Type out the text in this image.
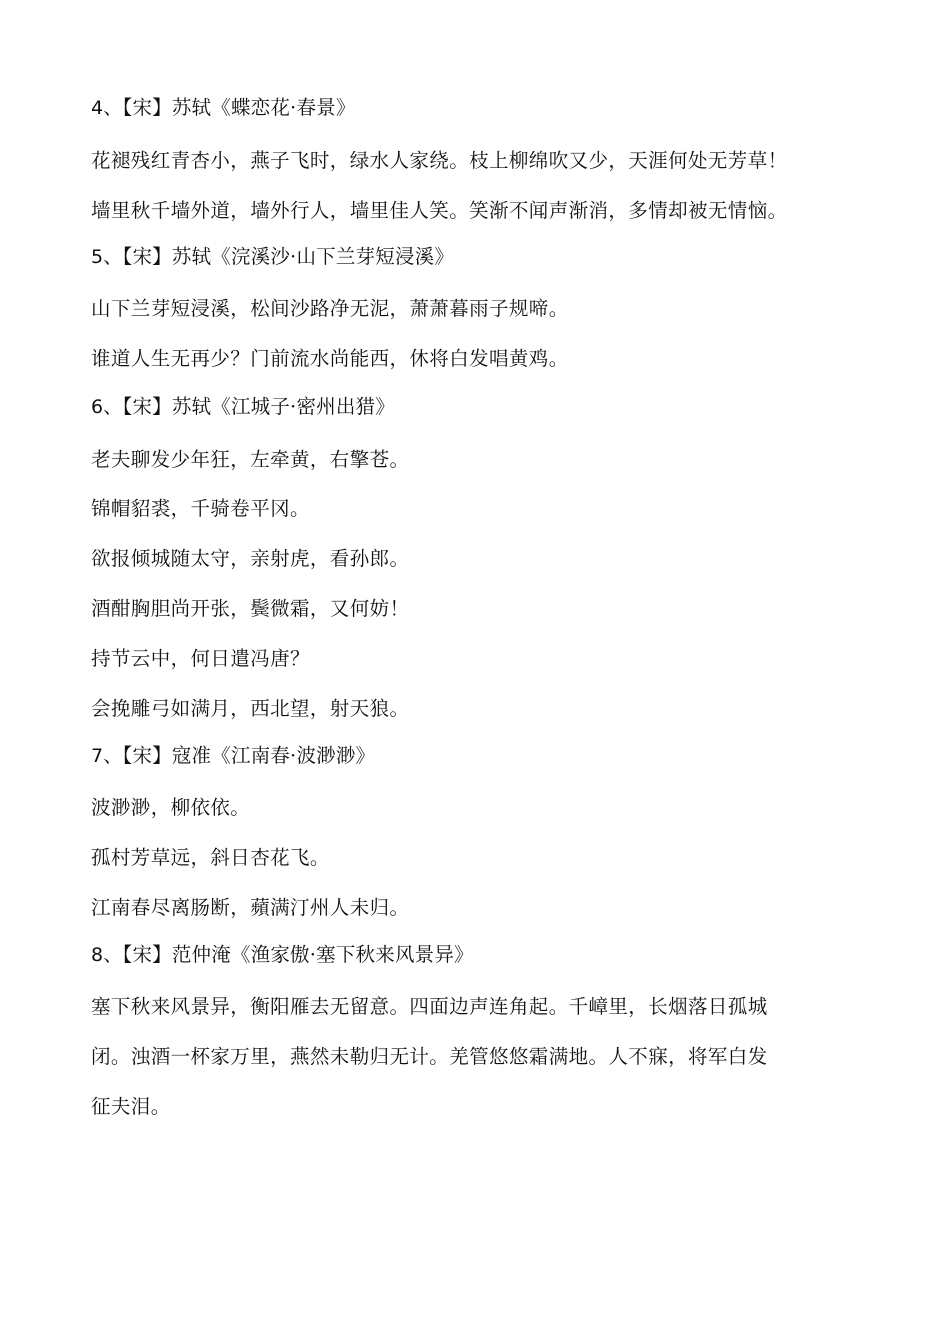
4、【宋】苏轼《蝶恋花·春景》
花褪残红青杏小，燕子飞时，绿水人家绕。枝上柳绵吹又少，天涯何处无芳草！
墙里秋千墙外道，墙外行人，墙里佳人笑。笑渐不闻声渐消，多情却被无情恼。
5、【宋】苏轼《浣溪沙·山下兰芽短浸溪》
山下兰芽短浸溪，松间沙路净无泥，萧萧暮雨子规啼。
谁道人生无再少？门前流水尚能西，休将白发唱黄鸡。
6、【宋】苏轼《江城子·密州出猎》
老夫聊发少年狂，左牵黄，右擎苍。
锦帽貂裘，千骑卷平冈。
欲报倾城随太守，亲射虎，看孙郎。
酒酣胸胆尚开张，鬓微霜，又何妨！
持节云中，何日遣冯唐？
会挽雕弓如满月，西北望，射天狼。
7、【宋】寇准《江南春·波渺渺》
波渺渺，柳依依。
孤村芳草远，斜日杏花飞。
江南春尽离肠断，蘋满汀州人未归。
8、【宋】范仲淹《渔家傲·塞下秋来风景异》
塞下秋来风景异，衡阳雁去无留意。四面边声连角起。千嶂里，长烟落日孤城
闭。浊酒一杯家万里，燕然未勒归无计。羌管悠悠霜满地。人不寐，将军白发
征夫泪。
